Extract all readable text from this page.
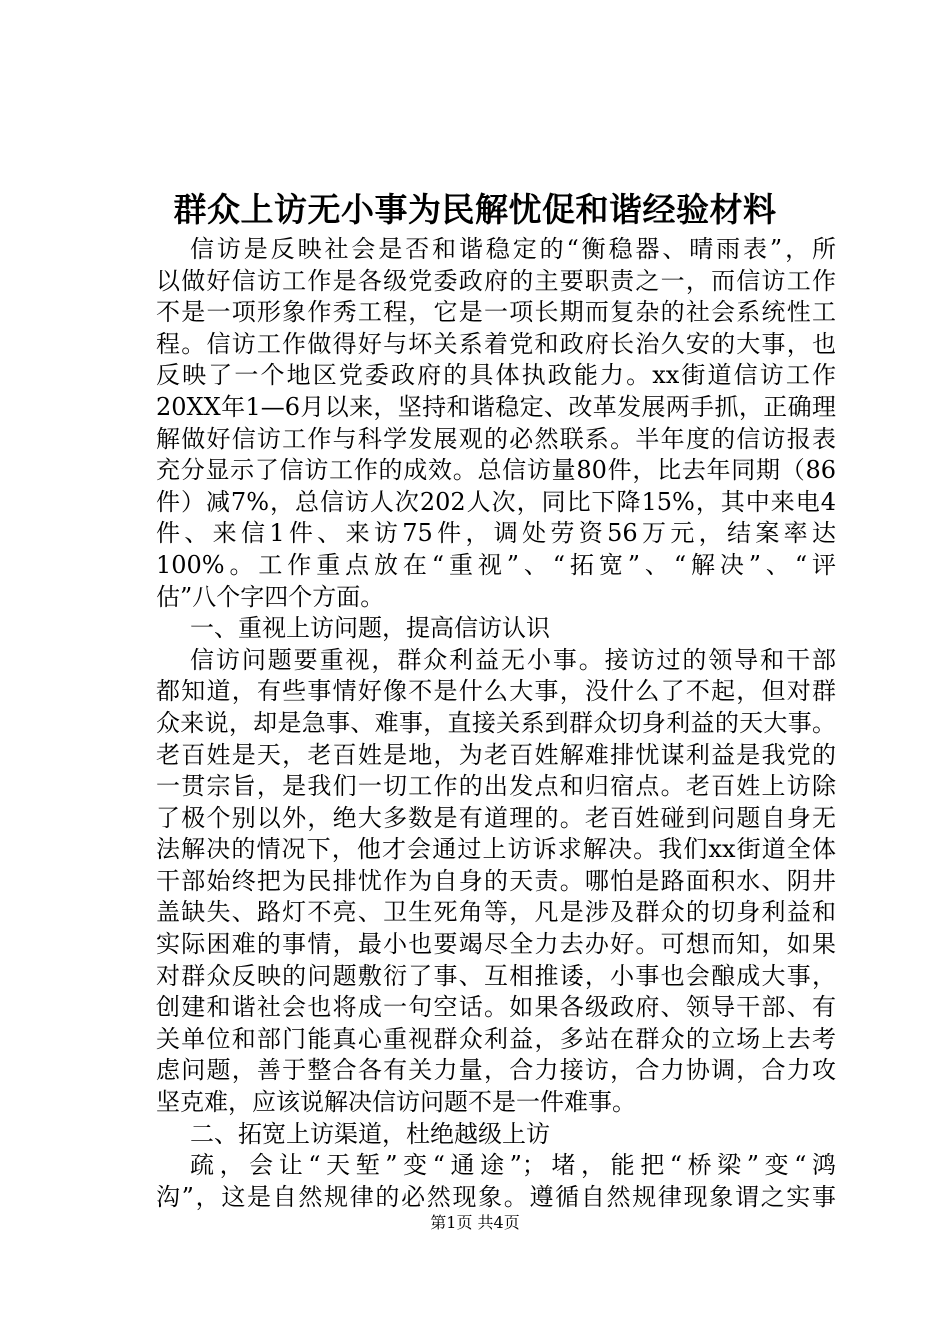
群众上访无小事为民解忧促和谐经验材料
信访是反映社会是否和谐稳定的“衡稳器、晴雨表”，所
以做好信访工作是各级党委政府的主要职责之一，而信访工作
不是一项形象作秀工程，它是一项长期而复杂的社会系统性工
程。信访工作做得好与坏关系着党和政府长治久安的大事，也
反映了一个地区党委政府的具体执政能力。xx街道信访工作
20XX年1—6月以来，坚持和谐稳定、改革发展两手抓，正确理
解做好信访工作与科学发展观的必然联系。半年度的信访报表
充分显示了信访工作的成效。总信访量80件，比去年同期（86
件）减7%，总信访人次202人次，同比下降15%，其中来电4
件、来信1件、来访75件，调处劳资56万元，结案率达
100%。工作重点放在“重视”、“拓宽”、“解决”、“评
估”八个字四个方面。
一、重视上访问题，提高信访认识
信访问题要重视，群众利益无小事。接访过的领导和干部
都知道，有些事情好像不是什么大事，没什么了不起，但对群
众来说，却是急事、难事，直接关系到群众切身利益的天大事。
老百姓是天，老百姓是地，为老百姓解难排忧谋利益是我党的
一贯宗旨，是我们一切工作的出发点和归宿点。老百姓上访除
了极个别以外，绝大多数是有道理的。老百姓碰到问题自身无
法解决的情况下，他才会通过上访诉求解决。我们xx街道全体
干部始终把为民排忧作为自身的天责。哪怕是路面积水、阴井
盖缺失、路灯不亮、卫生死角等，凡是涉及群众的切身利益和
实际困难的事情，最小也要竭尽全力去办好。可想而知，如果
对群众反映的问题敷衍了事、互相推诿，小事也会酿成大事，
创建和谐社会也将成一句空话。如果各级政府、领导干部、有
关单位和部门能真心重视群众利益，多站在群众的立场上去考
虑问题，善于整合各有关力量，合力接访，合力协调，合力攻
坚克难，应该说解决信访问题不是一件难事。
二、拓宽上访渠道，杜绝越级上访
疏，会让“天堑”变“通途”；堵，能把“桥梁”变“鸿
沟”，这是自然规律的必然现象。遵循自然规律现象谓之实事
第1页 共4页
